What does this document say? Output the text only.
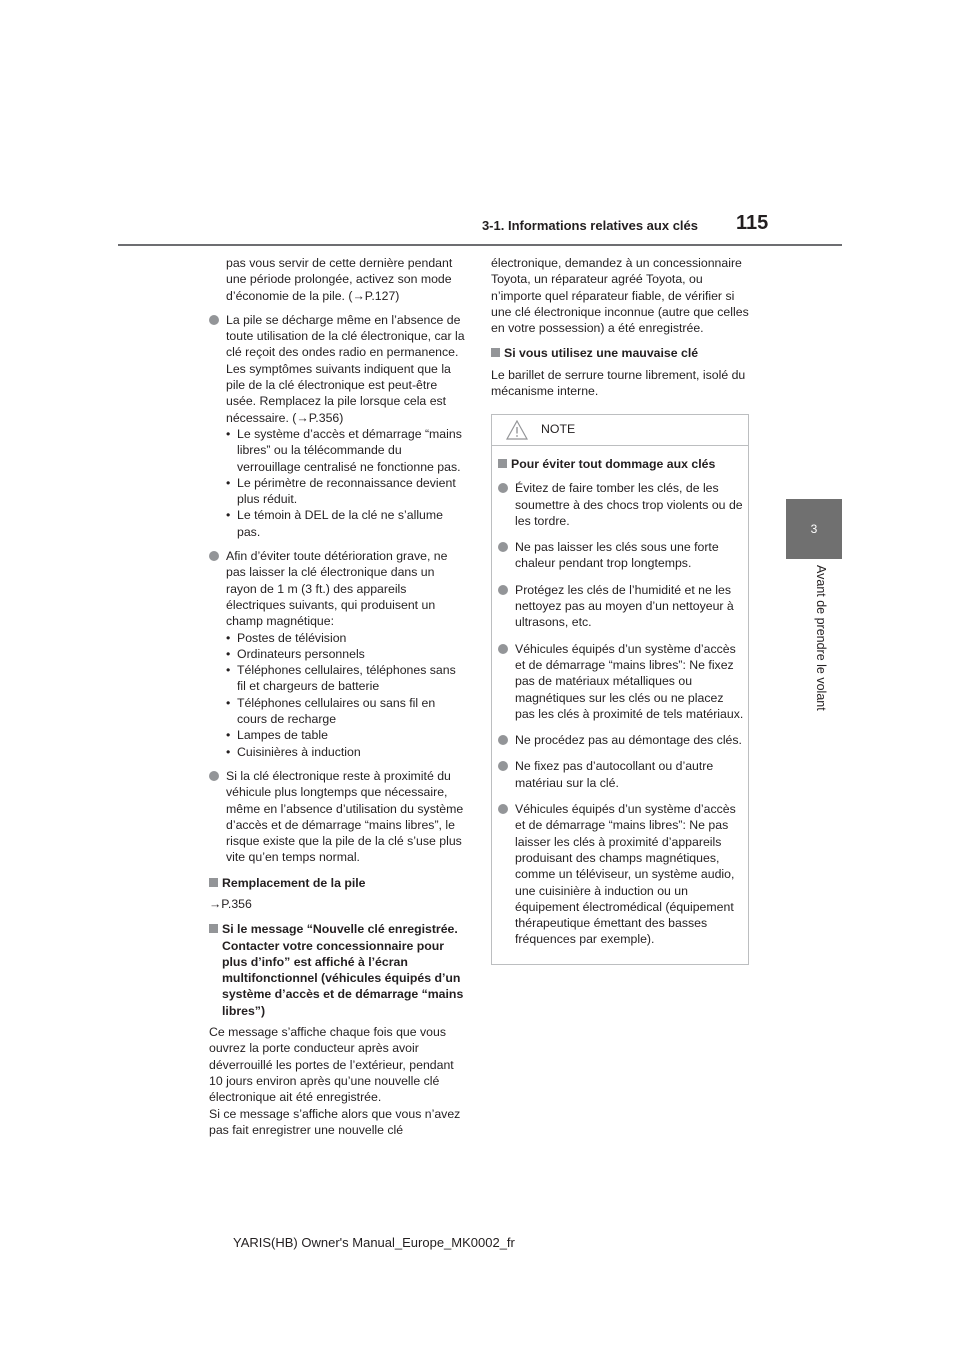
3-1. Informations relatives aux clés 115
3
Avant de prendre le volant

pas vous servir de cette dernière pendant une période prolongée, activez son mode d’économie de la pile. (→P.127)

La pile se décharge même en l’absence de toute utilisation de la clé électronique, car la clé reçoit des ondes radio en permanence. Les symptômes suivants indiquent que la pile de la clé électronique est peut-être usée. Remplacez la pile lorsque cela est nécessaire. (→P.356)

• Le système d’accès et démarrage “mains libres” ou la télécommande du verrouillage centralisé ne fonctionne pas.

• Le périmètre de reconnaissance devient plus réduit.

• Le témoin à DEL de la clé ne s’allume pas.

Afin d’éviter toute détérioration grave, ne pas laisser la clé électronique dans un rayon de 1 m (3 ft.) des appareils électriques suivants, qui produisent un champ magnétique:

• Postes de télévision

• Ordinateurs personnels

• Téléphones cellulaires, téléphones sans fil et chargeurs de batterie

• Téléphones cellulaires ou sans fil en cours de recharge

• Lampes de table

• Cuisinières à induction

Si la clé électronique reste à proximité du véhicule plus longtemps que nécessaire, même en l’absence d’utilisation du système d’accès et de démarrage “mains libres”, le risque existe que la pile de la clé s’use plus vite qu’en temps normal.

Remplacement de la pile

→P.356

Si le message “Nouvelle clé enregistrée. Contacter votre concessionnaire pour plus d’info” est affiché à l’écran multifonctionnel (véhicules équipés d’un système d’accès et de démarrage “mains libres”)

Ce message s’affiche chaque fois que vous ouvrez la porte conducteur après avoir déverrouillé les portes de l’extérieur, pendant 10 jours environ après qu’une nouvelle clé électronique ait été enregistrée.

Si ce message s’affiche alors que vous n’avez pas fait enregistrer une nouvelle clé

électronique, demandez à un concessionnaire Toyota, un réparateur agréé Toyota, ou n’importe quel réparateur fiable, de vérifier si une clé électronique inconnue (autre que celles en votre possession) a été enregistrée.

Si vous utilisez une mauvaise clé

Le barillet de serrure tourne librement, isolé du mécanisme interne.

NOTE

Pour éviter tout dommage aux clés

Évitez de faire tomber les clés, de les soumettre à des chocs trop violents ou de les tordre.

Ne pas laisser les clés sous une forte chaleur pendant trop longtemps.

Protégez les clés de l’humidité et ne les nettoyez pas au moyen d’un nettoyeur à ultrasons, etc.

Véhicules équipés d’un système d’accès et de démarrage “mains libres”: Ne fixez pas de matériaux métalliques ou magnétiques sur les clés ou ne placez pas les clés à proximité de tels matériaux.

Ne procédez pas au démontage des clés.

Ne fixez pas d’autocollant ou d’autre matériau sur la clé.

Véhicules équipés d’un système d’accès et de démarrage “mains libres”: Ne pas laisser les clés à proximité d’appareils produisant des champs magnétiques, comme un téléviseur, un système audio, une cuisinière à induction ou un équipement électromédical (équipement thérapeutique émettant des basses fréquences par exemple).

YARIS(HB) Owner's Manual_Europe_MK0002_fr
